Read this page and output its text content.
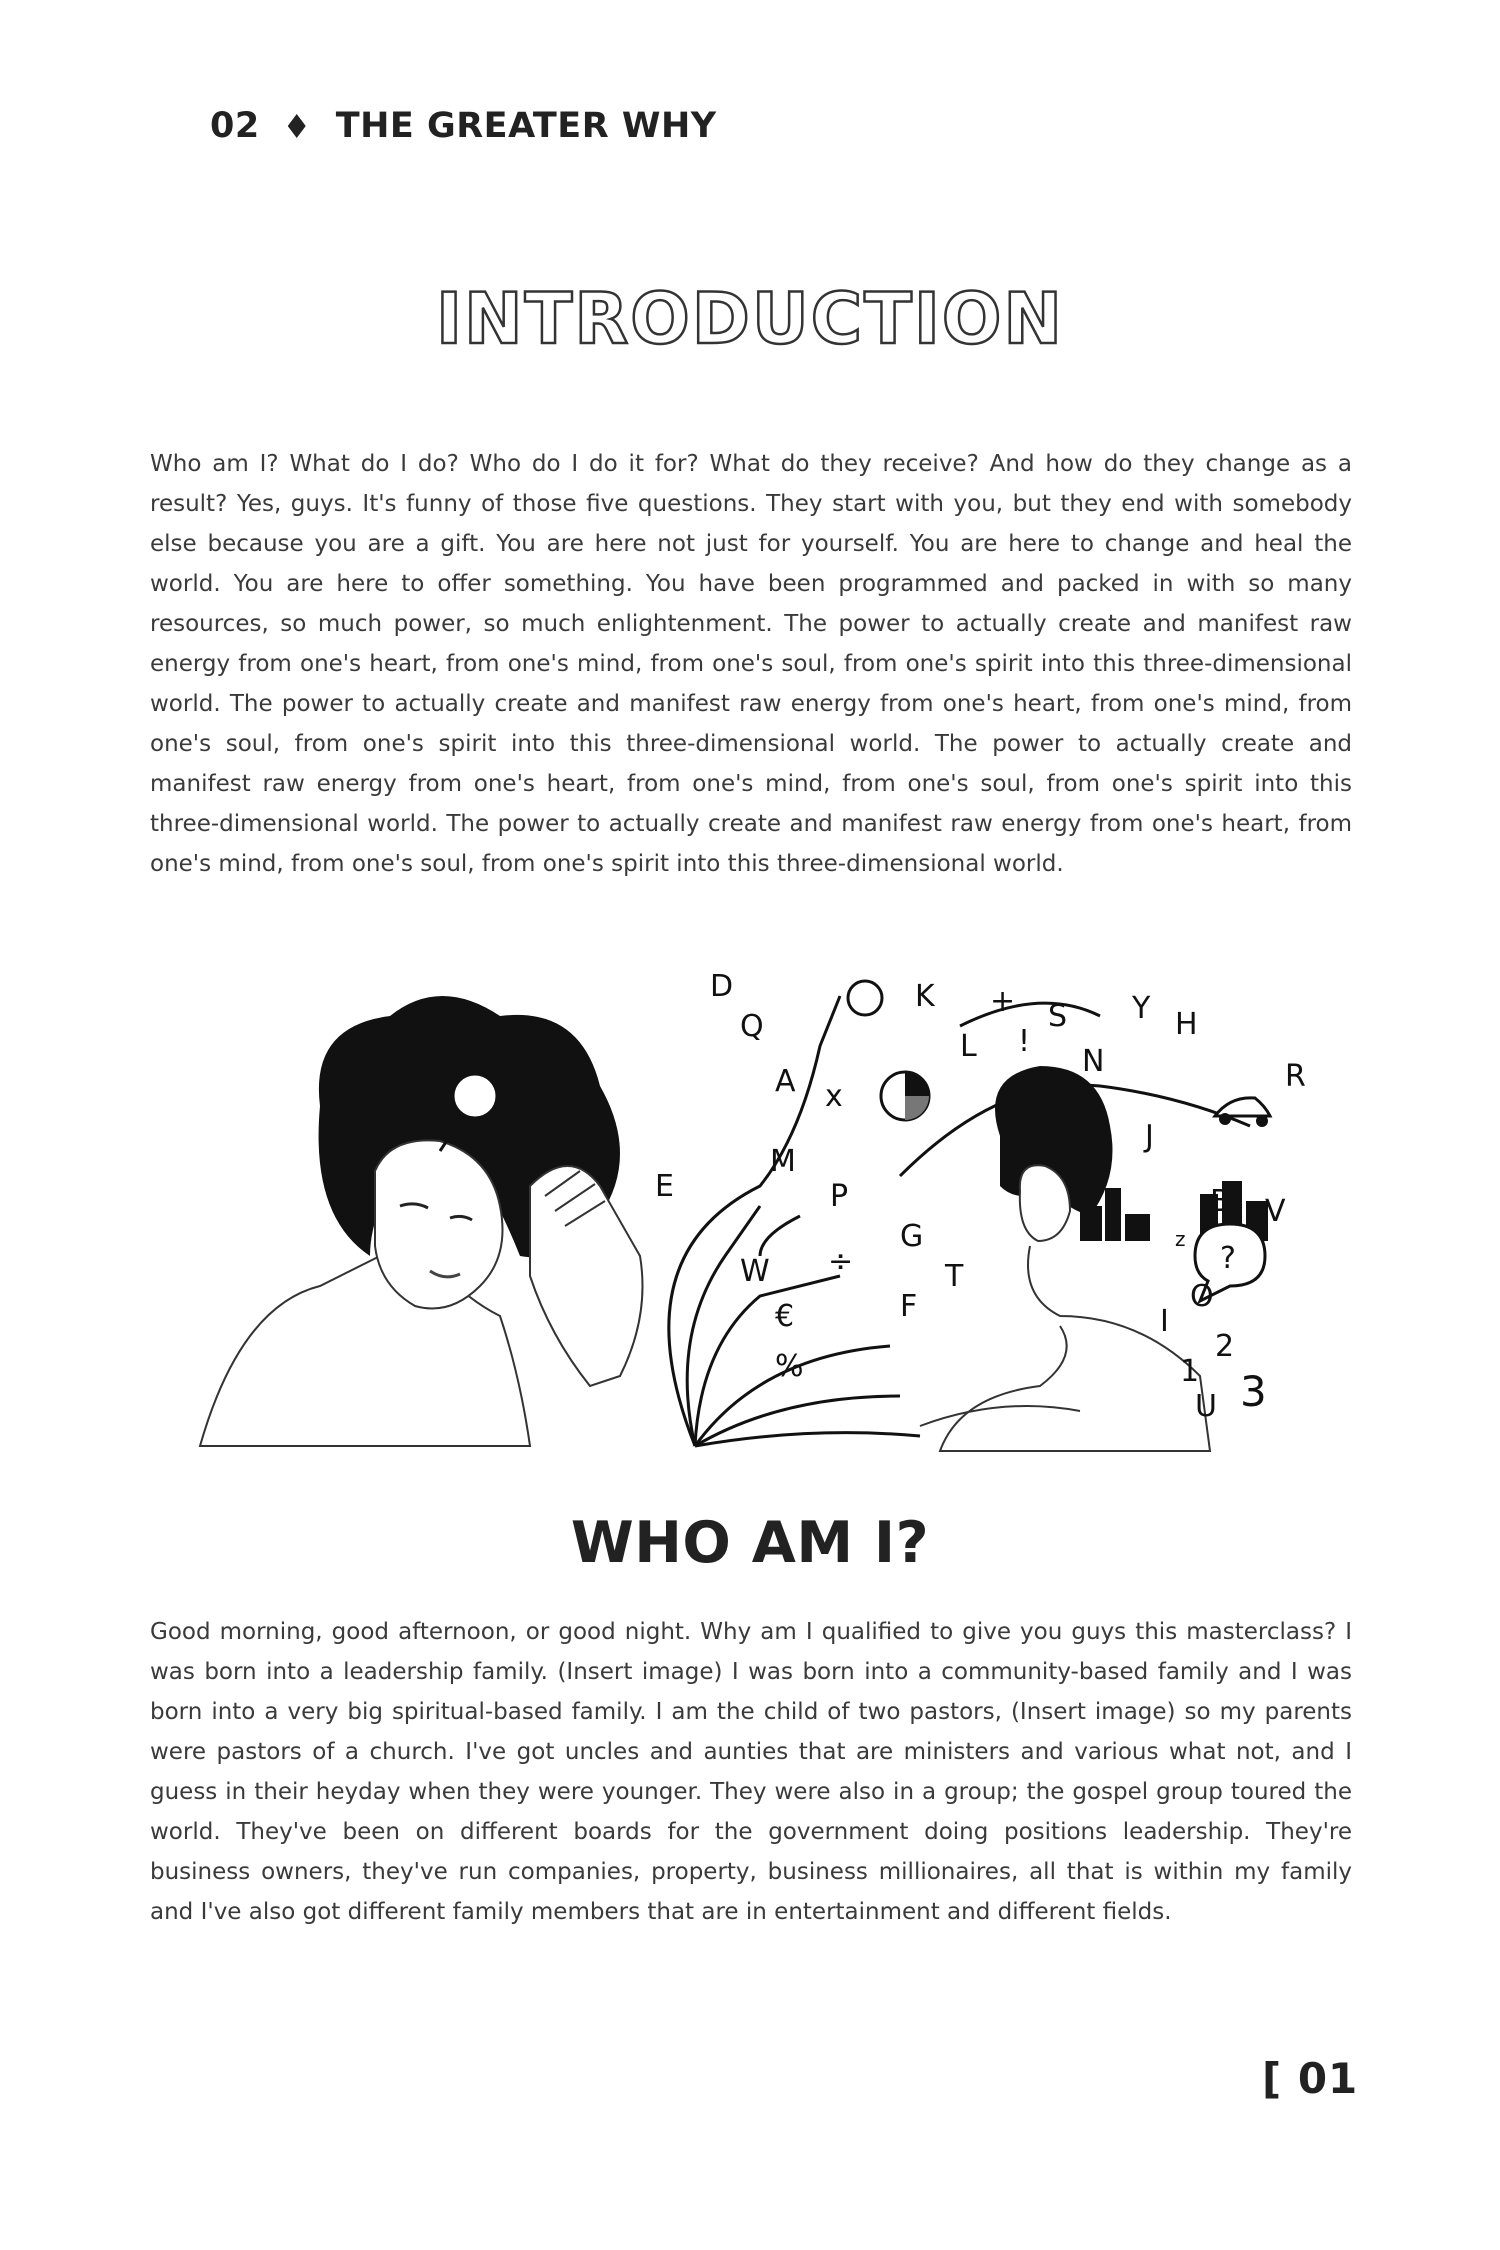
02 THE GREATER WHY
INTRODUCTION

Who am I? What do I do? Who do I do it for? What do they receive? And how do they change as a result? Yes, guys. It's funny of those five questions. They start with you, but they end with somebody else because you are a gift. You are here not just for yourself. You are here to change and heal the world. You are here to offer something. You have been programmed and packed in with so many resources, so much power, so much enlightenment. The power to actually create and manifest raw energy from one's heart, from one's mind, from one's soul, from one's spirit into this three-dimensional world. The power to actually create and manifest raw energy from one's heart, from one's mind, from one's soul, from one's spirit into this three-dimensional world. The power to actually create and manifest raw energy from one's heart, from one's mind, from one's soul, from one's spirit into this three-dimensional world. The power to actually create and manifest raw energy from one's heart, from one's mind, from one's soul, from one's spirit into this three-dimensional world.

D
Q
K
L
+
!
S Y H
N	R
C
J
A x
E
M
P
G
T
W ÷
F
€
%
B V
I
O
2
1
U 3
?
z
WHO AM I?

Good morning, good afternoon, or good night. Why am I qualified to give you guys this masterclass? I was born into a leadership family. (Insert image) I was born into a community-based family and I was born into a very big spiritual-based family. I am the child of two pastors, (Insert image) so my parents were pastors of a church. I've got uncles and aunties that are ministers and various what not, and I guess in their heyday when they were younger. They were also in a group; the gospel group toured the world. They've been on different boards for the government doing positions leadership. They're business owners, they've run companies, property, business millionaires, all that is within my family and I've also got different family members that are in entertainment and different fields.

[ 01
